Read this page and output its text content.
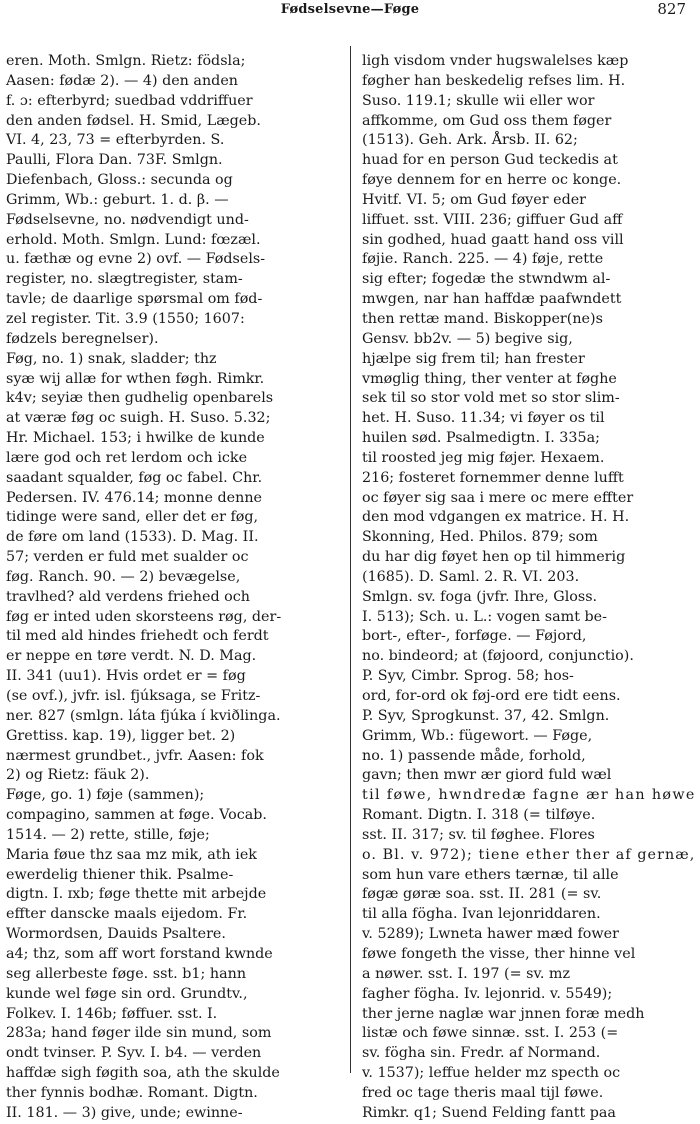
Fødselsevne—Føge	827
eren. Moth. Smlgn. Rietz: födsla;
Aasen: fødæ 2). — 4) den anden
f. ɔ: efterbyrd; suedbad vddriffuer
den anden fødsel. H. Smid, Lægeb.
VI. 4, 23, 73 = efterbyrden. S.
Paulli, Flora Dan. 73F. Smlgn.
Diefenbach, Gloss.: secunda og
Grimm, Wb.: geburt. 1. d. β. —
Fødselsevne, no. nødvendigt und-
erhold. Moth. Smlgn. Lund: fœzæl.
u. fæthæ og evne 2) ovf. — Fødsels-
register, no. slægtregister, stam-
tavle; de daarlige spørsmal om fød-
zel register. Tit. 3.9 (1550; 1607:
fødzels beregnelser).
Føg, no. 1) snak, sladder; thz
syæ wij allæ for wthen føgh. Rimkr.
k4v; seyiæ then gudhelig openbarels
at væræ føg oc suigh. H. Suso. 5.32;
Hr. Michael. 153; i hwilke de kunde
lære god och ret lerdom och icke
saadant squalder, føg oc fabel. Chr.
Pedersen. IV. 476.14; monne denne
tidinge were sand, eller det er føg,
de føre om land (1533). D. Mag. II.
57; verden er fuld met sualder oc
føg. Ranch. 90. — 2) bevægelse,
travlhed? ald verdens friehed och
føg er inted uden skorsteens røg, der-
til med ald hindes friehedt och ferdt
er neppe en tøre verdt. N. D. Mag.
II. 341 (uu1). Hvis ordet er = føg
(se ovf.), jvfr. isl. fjúksaga, se Fritz-
ner. 827 (smlgn. láta fjúka í kviðlinga.
Grettiss. kap. 19), ligger bet. 2)
nærmest grundbet., jvfr. Aasen: fok
2) og Rietz: fäuk 2).
Føge, go. 1) føje (sammen);
compagino, sammen at føge. Vocab.
1514. — 2) rette, stille, føje;
Maria føue thz saa mz mik, ath iek
ewerdelig thiener thik. Psalme-
digtn. I. ɪxb; føge thette mit arbejde
effter danscke maals eijedom. Fr.
Wormordsen, Dauids Psaltere.
a4; thz, som aff wort forstand kwnde
seg allerbeste føge. sst. b1; hann
kunde wel føge sin ord. Grundtv.,
Folkev. I. 146b; føffuer. sst. I.
283a; hand føger ilde sin mund, som
ondt tvinser. P. Syv. I. b4. — verden
haffdæ sigh føgith soa, ath the skulde
ther fynnis bodhæ. Romant. Digtn.
II. 181. — 3) give, unde; ewinne-
ligh visdom vnder hugswalelses kæp
føgher han beskedelig refses lim. H.
Suso. 119.1; skulle wii eller wor
affkomme, om Gud oss them føger
(1513). Geh. Ark. Årsb. II. 62;
huad for en person Gud teckedis at
føye dennem for en herre oc konge.
Hvitf. VI. 5; om Gud føyer eder
liffuet. sst. VIII. 236; giffuer Gud aff
sin godhed, huad gaatt hand oss vill
føjie. Ranch. 225. — 4) føje, rette
sig efter; fogedæ the stwndwm al-
mwgen, nar han haffdæ paafwndett
then rettæ mand. Biskopper(ne)s
Gensv. bb2v. — 5) begive sig,
hjælpe sig frem til; han frester
vmøglig thing, ther venter at føghe
sek til so stor vold met so stor slim-
het. H. Suso. 11.34; vi føyer os til
huilen sød. Psalmedigtn. I. 335a;
til roosted jeg mig føjer. Hexaem.
216; fosteret fornemmer denne lufft
oc føyer sig saa i mere oc mere effter
den mod vdgangen ex matrice. H. H.
Skonning, Hed. Philos. 879; som
du har dig føyet hen op til himmerig
(1685). D. Saml. 2. R. VI. 203.
Smlgn. sv. foga (jvfr. Ihre, Gloss.
I. 513); Sch. u. L.: vogen samt be-
bort-, efter-, forføge. — Føjord,
no. bindeord; at (føjoord, conjunctio).
P. Syv, Cimbr. Sprog. 58; hos-
ord, for-ord ok føj-ord ere tidt eens.
P. Syv, Sprogkunst. 37, 42. Smlgn.
Grimm, Wb.: fügewort. — Føge,
no. 1) passende måde, forhold,
gavn; then mwr ær giord fuld wæl
til føwe, hwndredæ fagne ær han høwe
Romant. Digtn. I. 318 (= tilføye.
sst. II. 317; sv. til føghee. Flores
o. Bl. v. 972); tiene ether ther af gernæ,
som hun vare ethers tærnæ, til alle
føgæ gøræ soa. sst. II. 281 (= sv.
til alla fögha. Ivan lejonriddaren.
v. 5289); Lwneta hawer mæd fower
føwe fongeth the visse, ther hinne vel
a nøwer. sst. I. 197 (= sv. mz
fagher fögha. Iv. lejonrid. v. 5549);
ther jerne naglæ war jnnen foræ medh
listæ och føwe sinnæ. sst. I. 253 (=
sv. fögha sin. Fredr. af Normand.
v. 1537); leffue helder mz specth oc
fred oc tage theris maal tijl føwe.
Rimkr. q1; Suend Felding fantt paa
